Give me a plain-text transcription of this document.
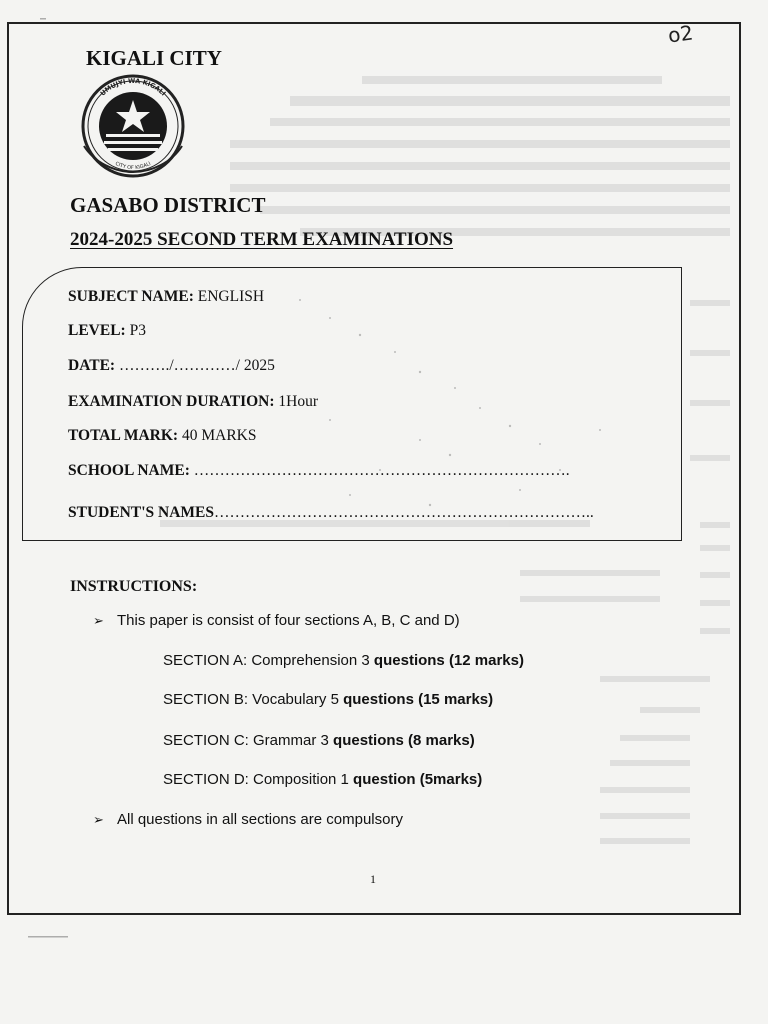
o2
KIGALI CITY
UMUJYI WA KIGALI
CITY OF KIGALI
GASABO DISTRICT
2024-2025 SECOND TERM EXAMINATIONS
SUBJECT NAME: ENGLISH
LEVEL: P3
DATE: ………./…………/ 2025
EXAMINATION DURATION: 1Hour
TOTAL MARK: 40 MARKS
SCHOOL NAME: ……………………………………………………………….
STUDENT'S NAMES………………………………………………………………..
INSTRUCTIONS:
➢ This paper is consist of four sections A, B, C and D)
SECTION A: Comprehension 3 questions (12 marks)
SECTION B: Vocabulary 5 questions (15 marks)
SECTION C: Grammar 3 questions (8 marks)
SECTION D: Composition 1 question (5marks)
➢ All questions in all sections are compulsory
1
